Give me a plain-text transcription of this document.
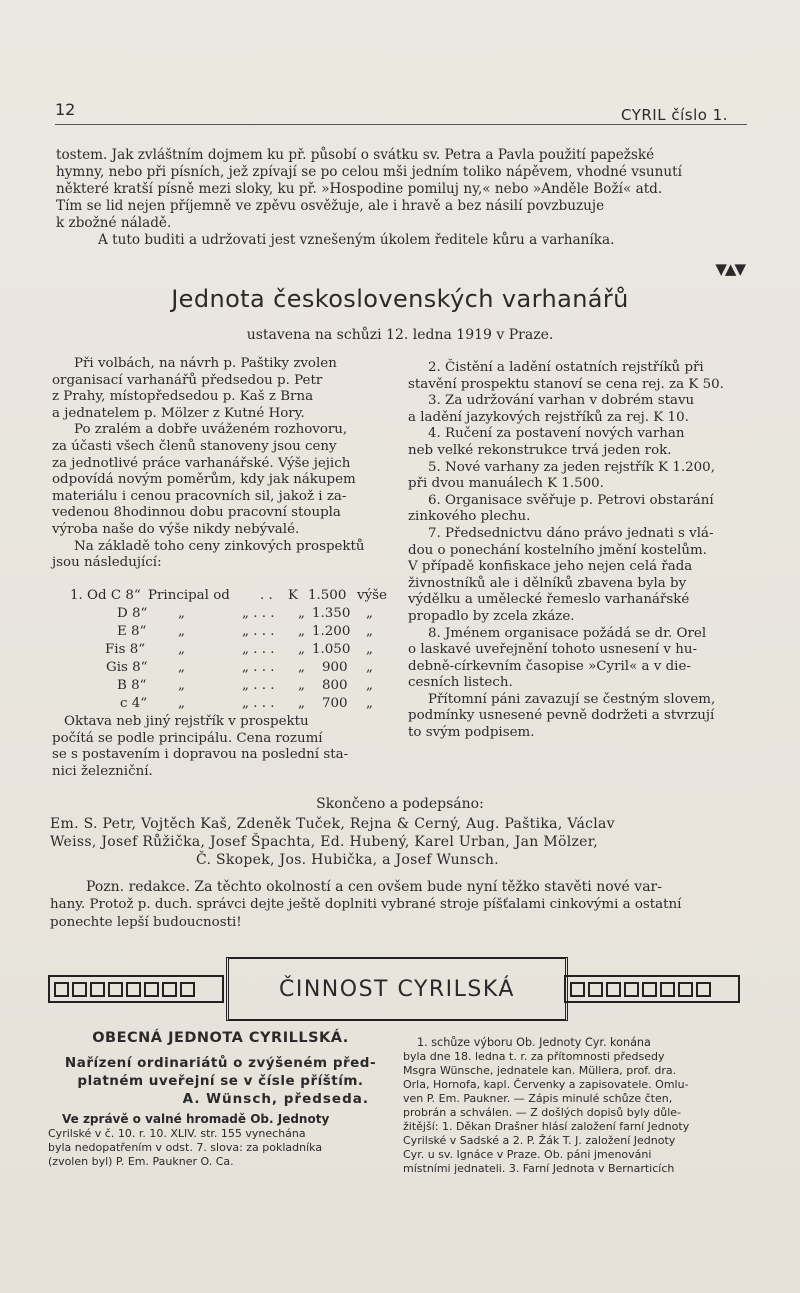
12	CYRIL číslo 1.
tostem. Jak zvláštním dojmem ku př. působí o svátku sv. Petra a Pavla použití papežské
hymny, nebo při písních, jež zpívají se po celou mši jedním toliko nápěvem, vhodné vsunutí
některé kratší písně mezi sloky, ku př. »Hospodine pomiluj ny,« nebo »Anděle Boží« atd.
Tím se lid nejen příjemně ve zpěvu osvěžuje, ale i hravě a bez násilí povzbuzuje
k zbožné náladě.
A tuto buditi a udržovati jest vznešeným úkolem ředitele kůru a varhaníka.
▼▲▼
Jednota československých varhanářů
ustavena na schůzi 12. ledna 1919 v Praze.
Při volbách, na návrh p. Paštiky zvolen
organisací varhanářů předsedou p. Petr
z Prahy, místopředsedou p. Kaš z Brna
a jednatelem p. Mölzer z Kutné Hory.
Po zralém a dobře uváženém rozhovoru,
za účasti všech členů stanoveny jsou ceny
za jednotlivé práce varhanářské. Výše jejich
odpovídá novým poměrům, kdy jak nákupem
materiálu i cenou pracovních sil, jakož i za-
vedenou 8hodinnou dobu pracovní stoupla
výroba naše do výše nikdy nebývalé.
Na základě toho ceny zinkových prospektů
jsou následující:
1. Od C 8“ Principal od . . K 1.500 výše
D 8“ „	„ . . . „ 1.350 „
E 8“ „	„ . . . „ 1.200 „
Fis 8“ „	„ . . . „ 1.050 „
Gis 8“ „	„ . . . „ 900 „
B 8“ „	„ . . . „ 800 „
c 4“ „	„ . . . „ 700 „
Oktava neb jiný rejstřík v prospektu
počítá se podle principálu. Cena rozumí
se s postavením i dopravou na poslední sta-
nici železniční.
2. Čistění a ladění ostatních rejstříků při
stavění prospektu stanoví se cena rej. za K 50.
3. Za udržování varhan v dobrém stavu
a ladění jazykových rejstříků za rej. K 10.
4. Ručení za postavení nových varhan
neb velké rekonstrukce trvá jeden rok.
5. Nové varhany za jeden rejstřík K 1.200,
při dvou manuálech K 1.500.
6. Organisace svěřuje p. Petrovi obstarání
zinkového plechu.
7. Předsednictvu dáno právo jednati s vlá-
dou o ponechání kostelního jmění kostelům.
V případě konfiskace jeho nejen celá řada
živnostníků ale i dělníků zbavena byla by
výdělku a umělecké řemeslo varhanářské
propadlo by zcela zkáze.
8. Jménem organisace požádá se dr. Orel
o laskavé uveřejnění tohoto usnesení v hu-
debně-církevním časopise »Cyril« a v die-
cesních listech.
Přítomní páni zavazují se čestným slovem,
podmínky usnesené pevně dodržeti a stvrzují
to svým podpisem.
Skončeno a podepsáno:
Em. S. Petr, Vojtěch Kaš, Zdeněk Tuček, Rejna & Cerný, Aug. Paštika, Václav
Weiss, Josef Růžička, Josef Špachta, Ed. Hubený, Karel Urban, Jan Mölzer,
Č. Skopek, Jos. Hubička, a Josef Wunsch.
Pozn. redakce. Za těchto okolností a cen ovšem bude nyní těžko stavěti nové var-
hany. Protož p. duch. správci dejte ještě doplniti vybrané stroje píšťalami cinkovými a ostatní
ponechte lepší budoucnosti!
ČINNOST CYRILSKÁ
OBECNÁ JEDNOTA CYRILLSKÁ.
Nařízení ordinariátů o zvýšeném před-
platném uveřejní se v čísle příštím.
A. Wünsch, předseda.
Ve zprávě o valné hromadě Ob. Jednoty
Cyrilské v č. 10. r. 10. XLIV. str. 155 vynechána
byla nedopatřením v odst. 7. slova: za pokladníka
(zvolen byl) P. Em. Paukner O. Ca.
1. schůze výboru Ob. Jednoty Cyr. konána
byla dne 18. ledna t. r. za přítomnosti předsedy
Msgra Wünsche, jednatele kan. Müllera, prof. dra.
Orla, Hornofa, kapl. Červenky a zapisovatele. Omlu-
ven P. Em. Paukner. — Zápis minulé schůze čten,
probrán a schválen. — Z došlých dopisů byly důle-
žitější: 1. Děkan Drašner hlásí založení farní Jednoty
Cyrilské v Sadské a 2. P. Žák T. J. založení Jednoty
Cyr. u sv. Ignáce v Praze. Ob. páni jmenováni
místními jednateli. 3. Farní Jednota v Bernarticích
